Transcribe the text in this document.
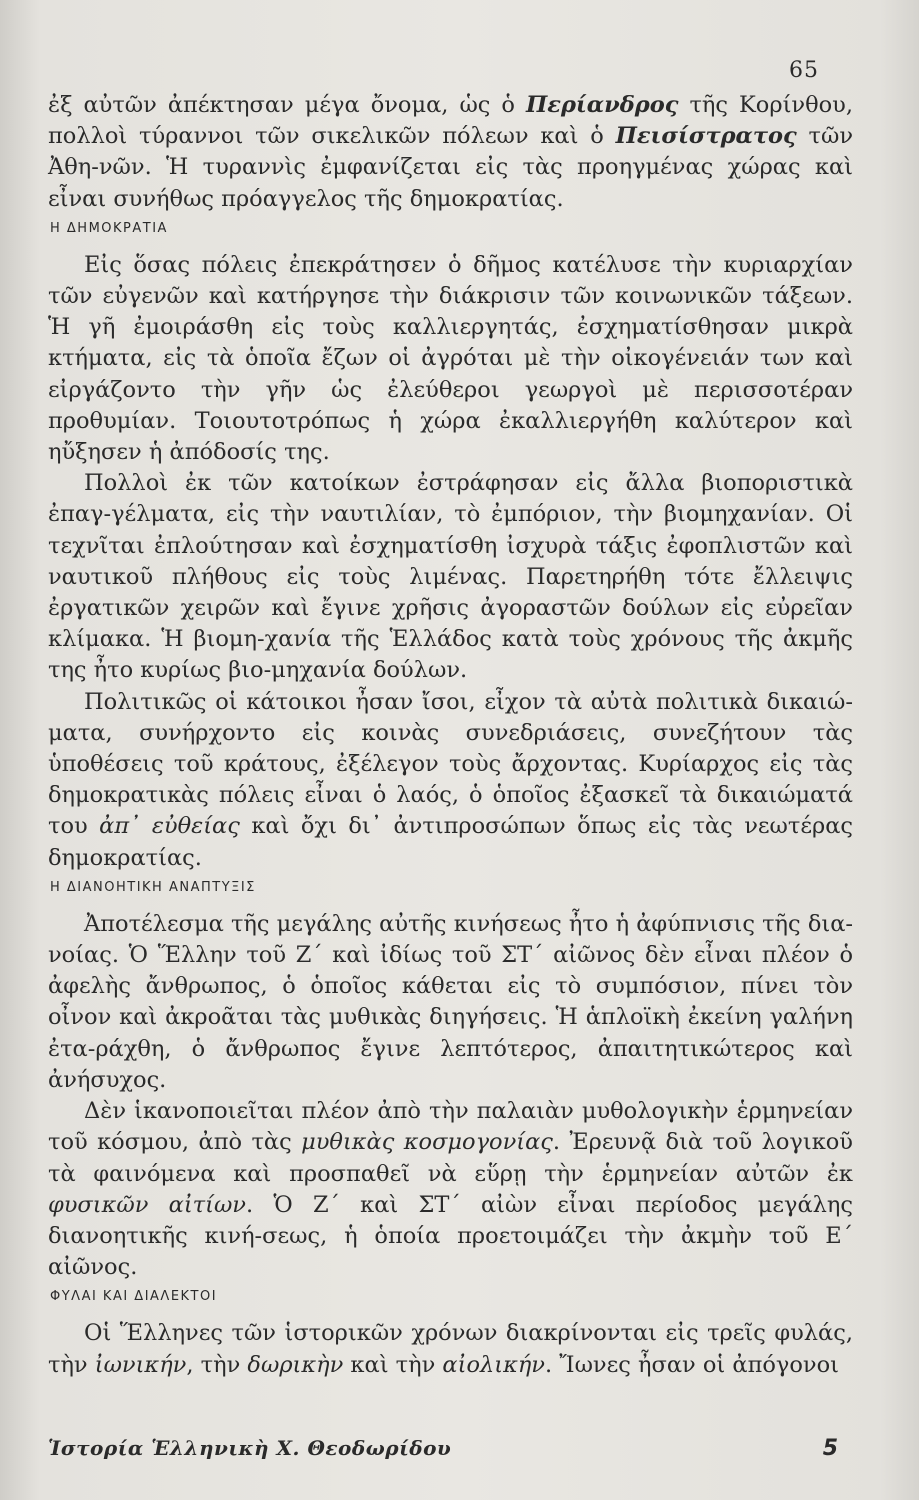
65

ἐξ αὐτῶν ἀπέκτησαν μέγα ὄνομα, ὡς ὁ Περίανδρος τῆς Κορίνθου, πολλοὶ τύραννοι τῶν σικελικῶν πόλεων καὶ ὁ Πεισίστρατος τῶν Ἀθη-νῶν. Ἡ τυραννὶς ἐμφανίζεται εἰς τὰς προηγμένας χώρας καὶ εἶναι συνήθως πρόαγγελος τῆς δημοκρατίας.

Η ΔΗΜΟΚΡΑΤΙΑ

Εἰς ὅσας πόλεις ἐπεκράτησεν ὁ δῆμος κατέλυσε τὴν κυριαρχίαν τῶν εὐγενῶν καὶ κατήργησε τὴν διάκρισιν τῶν κοινωνικῶν τάξεων. Ἡ γῆ ἐμοιράσθη εἰς τοὺς καλλιεργητάς, ἐσχηματίσθησαν μικρὰ κτήματα, εἰς τὰ ὁποῖα ἔζων οἱ ἀγρόται μὲ τὴν οἰκογένειάν των καὶ εἰργάζοντο τὴν γῆν ὡς ἐλεύθεροι γεωργοὶ μὲ περισσοτέραν προθυμίαν. Τοιουτοτρόπως ἡ χώρα ἐκαλλιεργήθη καλύτερον καὶ ηὔξησεν ἡ ἀπόδοσίς της.

Πολλοὶ ἐκ τῶν κατοίκων ἐστράφησαν εἰς ἄλλα βιοποριστικὰ ἐπαγ-γέλματα, εἰς τὴν ναυτιλίαν, τὸ ἐμπόριον, τὴν βιομηχανίαν. Οἱ τεχνῖται ἐπλούτησαν καὶ ἐσχηματίσθη ἰσχυρὰ τάξις ἐφοπλιστῶν καὶ ναυτικοῦ πλήθους εἰς τοὺς λιμένας. Παρετηρήθη τότε ἔλλειψις ἐργατικῶν χειρῶν καὶ ἔγινε χρῆσις ἀγοραστῶν δούλων εἰς εὐρεῖαν κλίμακα. Ἡ βιομη-χανία τῆς Ἑλλάδος κατὰ τοὺς χρόνους τῆς ἀκμῆς της ἦτο κυρίως βιο-μηχανία δούλων.

Πολιτικῶς οἱ κάτοικοι ἦσαν ἴσοι, εἶχον τὰ αὐτὰ πολιτικὰ δικαιώ-ματα, συνήρχοντο εἰς κοινὰς συνεδριάσεις, συνεζήτουν τὰς ὑποθέσεις τοῦ κράτους, ἐξέλεγον τοὺς ἄρχοντας. Κυρίαρχος εἰς τὰς δημοκρατικὰς πόλεις εἶναι ὁ λαός, ὁ ὁποῖος ἐξασκεῖ τὰ δικαιώματά του ἀπ᾿ εὐθείας καὶ ὄχι δι᾿ ἀντιπροσώπων ὅπως εἰς τὰς νεωτέρας δημοκρατίας.

Η ΔΙΑΝΟΗΤΙΚΗ ΑΝΑΠΤΥΞΙΣ

Ἀποτέλεσμα τῆς μεγάλης αὐτῆς κινήσεως ἦτο ἡ ἀφύπνισις τῆς δια-νοίας. Ὁ Ἕλλην τοῦ Ζ´ καὶ ἰδίως τοῦ ΣΤ´ αἰῶνος δὲν εἶναι πλέον ὁ ἀφελὴς ἄνθρωπος, ὁ ὁποῖος κάθεται εἰς τὸ συμπόσιον, πίνει τὸν οἶνον καὶ ἀκροᾶται τὰς μυθικὰς διηγήσεις. Ἡ ἁπλοϊκὴ ἐκείνη γαλήνη ἐτα-ράχθη, ὁ ἄνθρωπος ἔγινε λεπτότερος, ἀπαιτητικώτερος καὶ ἀνήσυχος.

Δὲν ἱκανοποιεῖται πλέον ἀπὸ τὴν παλαιὰν μυθολογικὴν ἑρμηνείαν τοῦ κόσμου, ἀπὸ τὰς μυθικὰς κοσμογονίας. Ἐρευνᾷ διὰ τοῦ λογικοῦ τὰ φαινόμενα καὶ προσπαθεῖ νὰ εὕρῃ τὴν ἑρμηνείαν αὐτῶν ἐκ φυσικῶν αἰτίων. Ὁ Ζ´ καὶ ΣΤ´ αἰὼν εἶναι περίοδος μεγάλης διανοητικῆς κινή-σεως, ἡ ὁποία προετοιμάζει τὴν ἀκμὴν τοῦ Ε´ αἰῶνος.

ΦΥΛΑΙ ΚΑΙ ΔΙΑΛΕΚΤΟΙ

Οἱ Ἕλληνες τῶν ἱστορικῶν χρόνων διακρίνονται εἰς τρεῖς φυλάς, τὴν ἰωνικήν, τὴν δωρικὴν καὶ τὴν αἰολικήν. Ἴωνες ἦσαν οἱ ἀπόγονοι

Ἱστορία Ἑλληνικὴ Χ. Θεοδωρίδου	5
